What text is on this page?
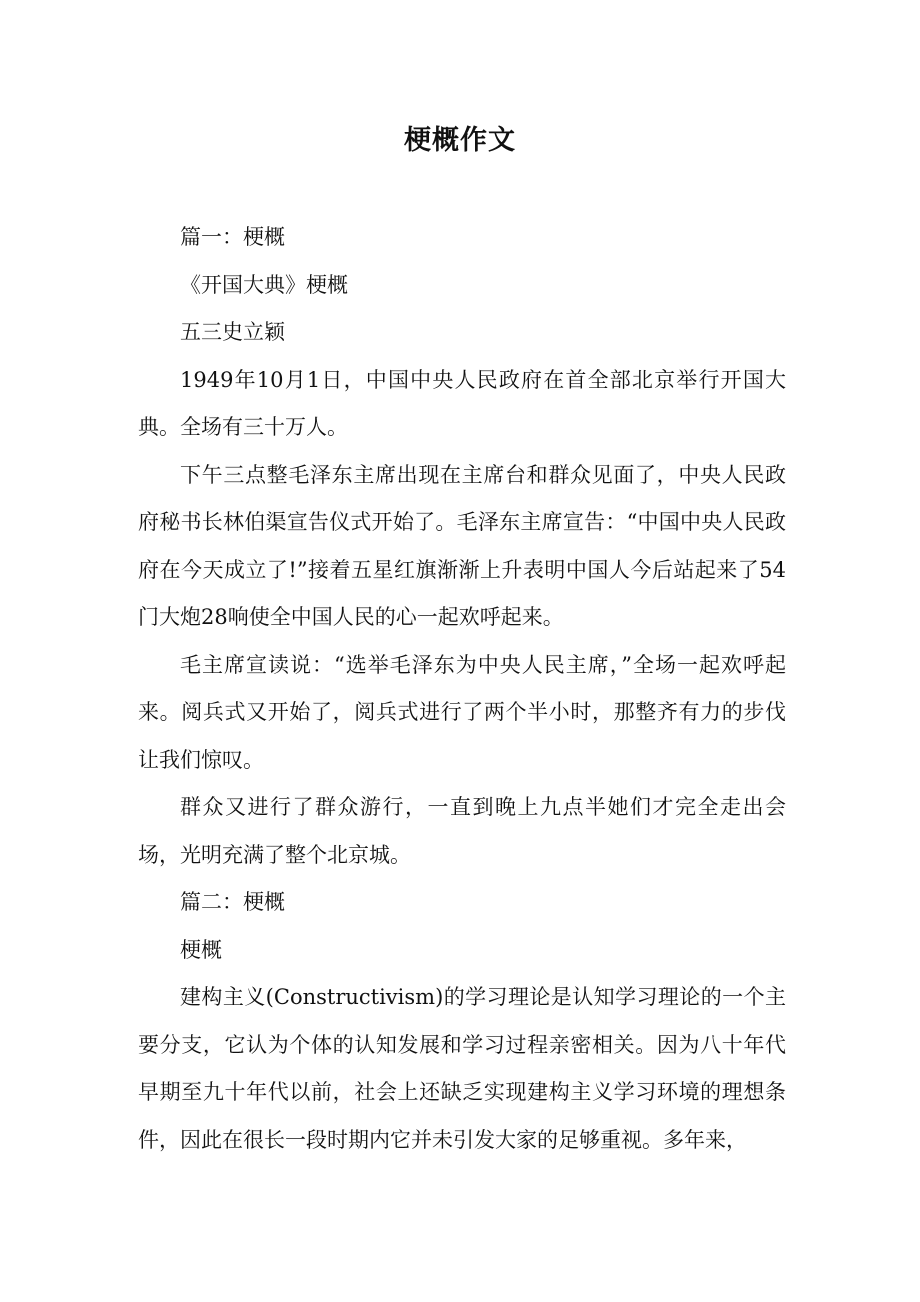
梗概作文

篇一：梗概

《开国大典》梗概

五三史立颖

1949年10月1日，中国中央人民政府在首全部北京举行开国大典。全场有三十万人。

下午三点整毛泽东主席出现在主席台和群众见面了，中央人民政府秘书长林伯渠宣告仪式开始了。毛泽东主席宣告：“中国中央人民政府在今天成立了!”接着五星红旗渐渐上升表明中国人今后站起来了54门大炮28响使全中国人民的心一起欢呼起来。

毛主席宣读说：“选举毛泽东为中央人民主席，”全场一起欢呼起来。阅兵式又开始了，阅兵式进行了两个半小时，那整齐有力的步伐让我们惊叹。

群众又进行了群众游行，一直到晚上九点半她们才完全走出会场，光明充满了整个北京城。

篇二：梗概

梗概

建构主义(Constructivism)的学习理论是认知学习理论的一个主要分支，它认为个体的认知发展和学习过程亲密相关。因为八十年代早期至九十年代以前，社会上还缺乏实现建构主义学习环境的理想条件，因此在很长一段时期内它并未引发大家的足够重视。多年来，
